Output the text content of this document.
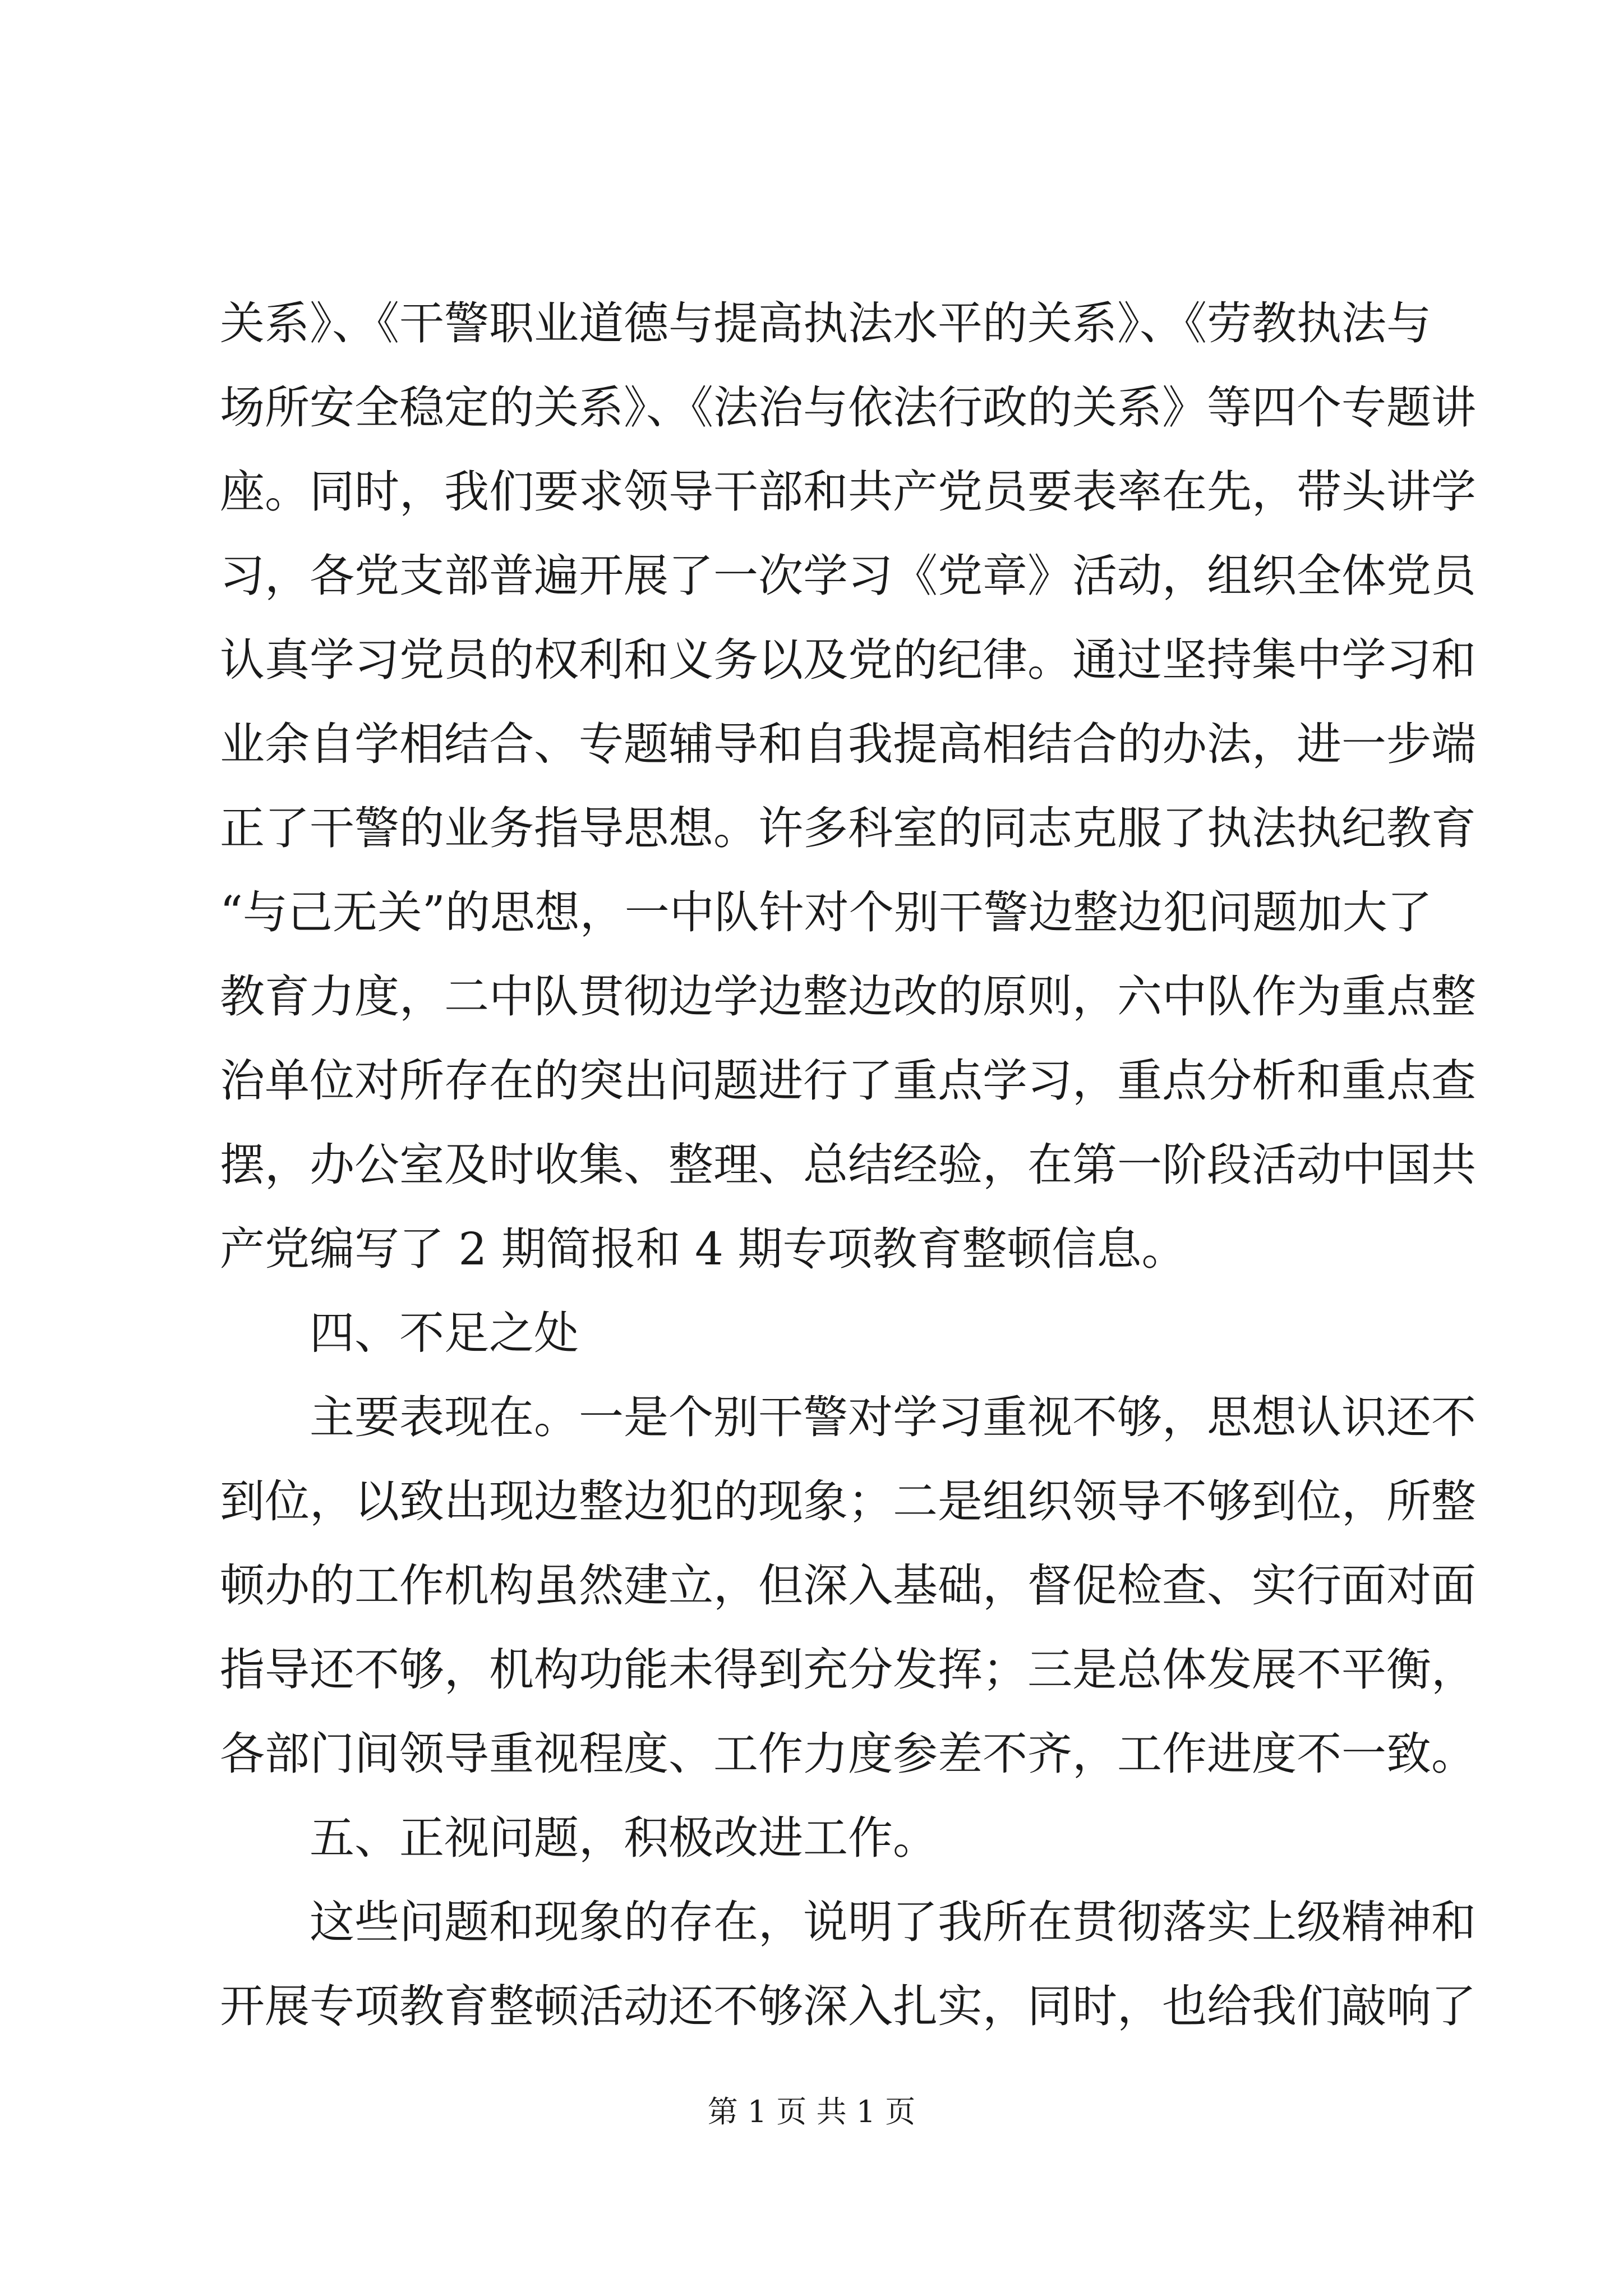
关系》、《干警职业道德与提高执法水平的关系》、《劳教执法与
场所安全稳定的关系》、《法治与依法行政的关系》等四个专题讲
座。同时，我们要求领导干部和共产党员要表率在先，带头讲学
习，各党支部普遍开展了一次学习《党章》活动，组织全体党员
认真学习党员的权利和义务以及党的纪律。通过坚持集中学习和
业余自学相结合、专题辅导和自我提高相结合的办法，进一步端
正了干警的业务指导思想。许多科室的同志克服了执法执纪教育
“与己无关”的思想，一中队针对个别干警边整边犯问题加大了
教育力度，二中队贯彻边学边整边改的原则，六中队作为重点整
治单位对所存在的突出问题进行了重点学习，重点分析和重点查
摆，办公室及时收集、整理、总结经验，在第一阶段活动中国共
产党编写了 2 期简报和 4 期专项教育整顿信息。
四、不足之处
主要表现在。一是个别干警对学习重视不够，思想认识还不
到位，以致出现边整边犯的现象；二是组织领导不够到位，所整
顿办的工作机构虽然建立，但深入基础，督促检查、实行面对面
指导还不够，机构功能未得到充分发挥；三是总体发展不平衡，
各部门间领导重视程度、工作力度参差不齐，工作进度不一致。
五、正视问题，积极改进工作。
这些问题和现象的存在，说明了我所在贯彻落实上级精神和
开展专项教育整顿活动还不够深入扎实，同时，也给我们敲响了
第 1 页 共 1 页
